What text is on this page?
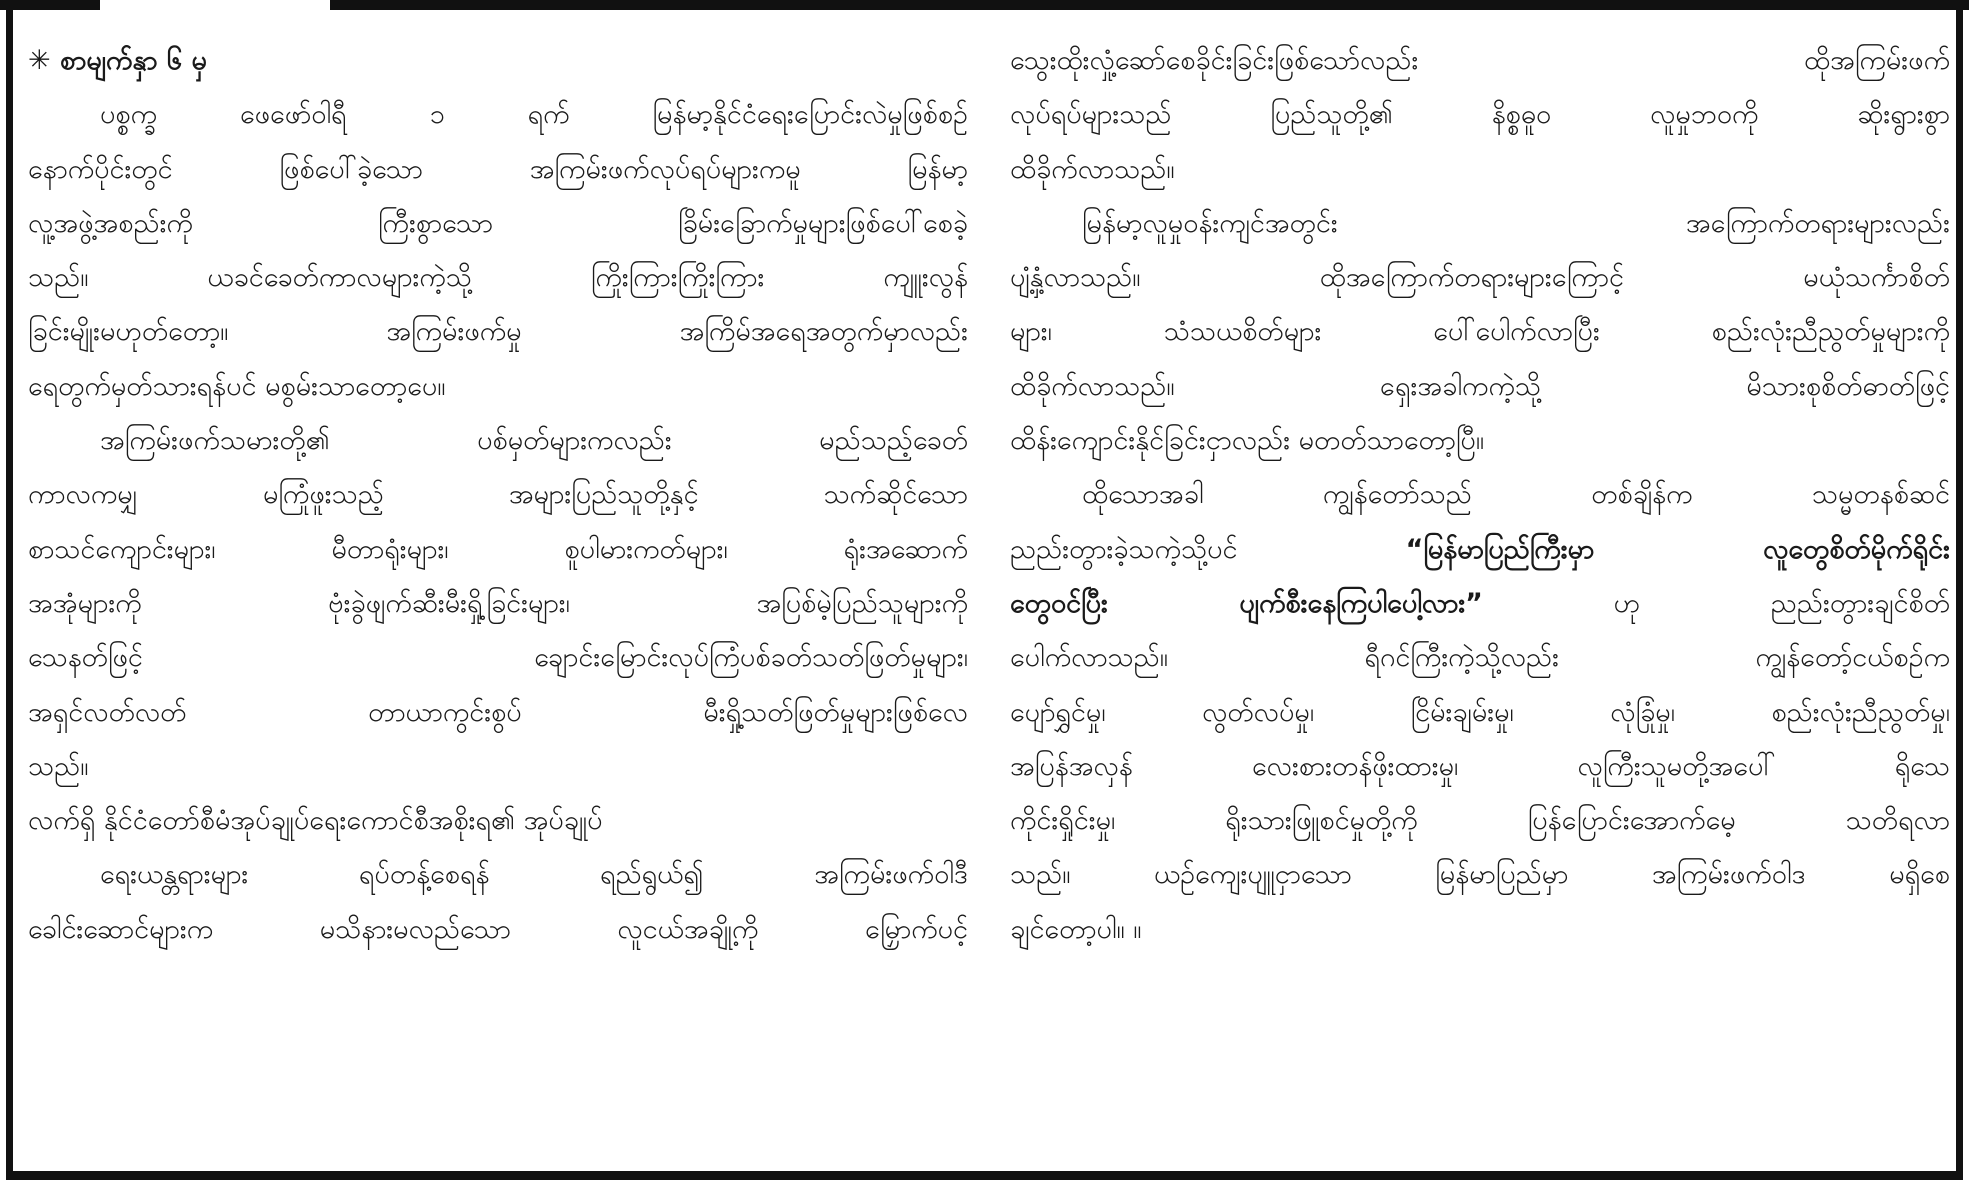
✳ စာမျက်နှာ ၆ မှ
ပစ္စက္ခ ဖေဖော်ဝါရီ ၁ ရက် မြန်မာ့နိုင်ငံရေးပြောင်းလဲမှုဖြစ်စဉ်
နောက်ပိုင်းတွင် ဖြစ်ပေါ်ခဲ့သော အကြမ်းဖက်လုပ်ရပ်များကမူ မြန်မာ့
လူ့အဖွဲ့အစည်းကို ကြီးစွာသော ခြိမ်းခြောက်မှုများဖြစ်ပေါ်စေခဲ့
သည်။ ယခင်ခေတ်ကာလများကဲ့သို့ ကြိုးကြားကြိုးကြား ကျူးလွန်
ခြင်းမျိုးမဟုတ်တော့။ အကြမ်းဖက်မှု အကြိမ်အရေအတွက်မှာလည်း
ရေတွက်မှတ်သားရန်ပင် မစွမ်းသာတော့ပေ။
အကြမ်းဖက်သမားတို့၏ ပစ်မှတ်များကလည်း မည်သည့်ခေတ်
ကာလကမျှ မကြုံဖူးသည့် အများပြည်သူတို့နှင့် သက်ဆိုင်သော
စာသင်ကျောင်းများ၊ မီတာရုံးများ၊ စူပါမားကတ်များ၊ ရုံးအဆောက်
အအုံများကို ဗုံးခွဲဖျက်ဆီးမီးရှို့ခြင်းများ၊ အပြစ်မဲ့ပြည်သူများကို
သေနတ်ဖြင့် ချောင်းမြောင်းလုပ်ကြံပစ်ခတ်သတ်ဖြတ်မှုများ၊
အရှင်လတ်လတ် တာယာကွင်းစွပ် မီးရှို့သတ်ဖြတ်မှုများဖြစ်လေ
သည်။
လက်ရှိ နိုင်ငံတော်စီမံအုပ်ချုပ်ရေးကောင်စီအစိုးရ၏ အုပ်ချုပ်
ရေးယန္တရားများ ရပ်တန့်စေရန် ရည်ရွယ်၍ အကြမ်းဖက်ဝါဒီ
ခေါင်းဆောင်များက မသိနားမလည်သော လူငယ်အချို့ကို မြှောက်ပင့်
သွေးထိုးလှုံ့ဆော်စေခိုင်းခြင်းဖြစ်သော်လည်း ထိုအကြမ်းဖက်
လုပ်ရပ်များသည် ပြည်သူတို့၏ နိစ္စဓူဝ လူမှုဘဝကို ဆိုးရွားစွာ
ထိခိုက်လာသည်။
မြန်မာ့လူမှုဝန်းကျင်အတွင်း အကြောက်တရားများလည်း
ပျံ့နှံ့လာသည်။ ထိုအကြောက်တရားများကြောင့် မယုံသင်္ကာစိတ်
များ၊ သံသယစိတ်များ ပေါ်ပေါက်လာပြီး စည်းလုံးညီညွတ်မှုများကို
ထိခိုက်လာသည်။ ရှေးအခါကကဲ့သို့ မိသားစုစိတ်ဓာတ်ဖြင့်
ထိန်းကျောင်းနိုင်ခြင်းငှာလည်း မတတ်သာတော့ပြီ။
ထိုသောအခါ ကျွန်တော်သည် တစ်ချိန်က သမ္မတနစ်ဆင်
ညည်းတွားခဲ့သကဲ့သို့ပင်	“မြန်မာပြည်ကြီးမှာ လူတွေစိတ်မိုက်ရိုင်း
တွေဝင်ပြီး ပျက်စီးနေကြပါပေါ့လား”	ဟု ညည်းတွားချင်စိတ်
ပေါက်လာသည်။ ရီဂင်ကြီးကဲ့သို့လည်း ကျွန်တော့်ငယ်စဉ်က
ပျော်ရွှင်မှု၊ လွတ်လပ်မှု၊ ငြိမ်းချမ်းမှု၊ လုံခြုံမှု၊ စည်းလုံးညီညွတ်မှု၊
အပြန်အလှန် လေးစားတန်ဖိုးထားမှု၊ လူကြီးသူမတို့အပေါ် ရိုသေ
ကိုင်းရှိုင်းမှု၊ ရိုးသားဖြူစင်မှုတို့ကို ပြန်ပြောင်းအောက်မေ့ သတိရလာ
သည်။ ယဉ်ကျေးပျူငှာသော မြန်မာပြည်မှာ အကြမ်းဖက်ဝါဒ မရှိစေ
ချင်တော့ပါ။ ။
